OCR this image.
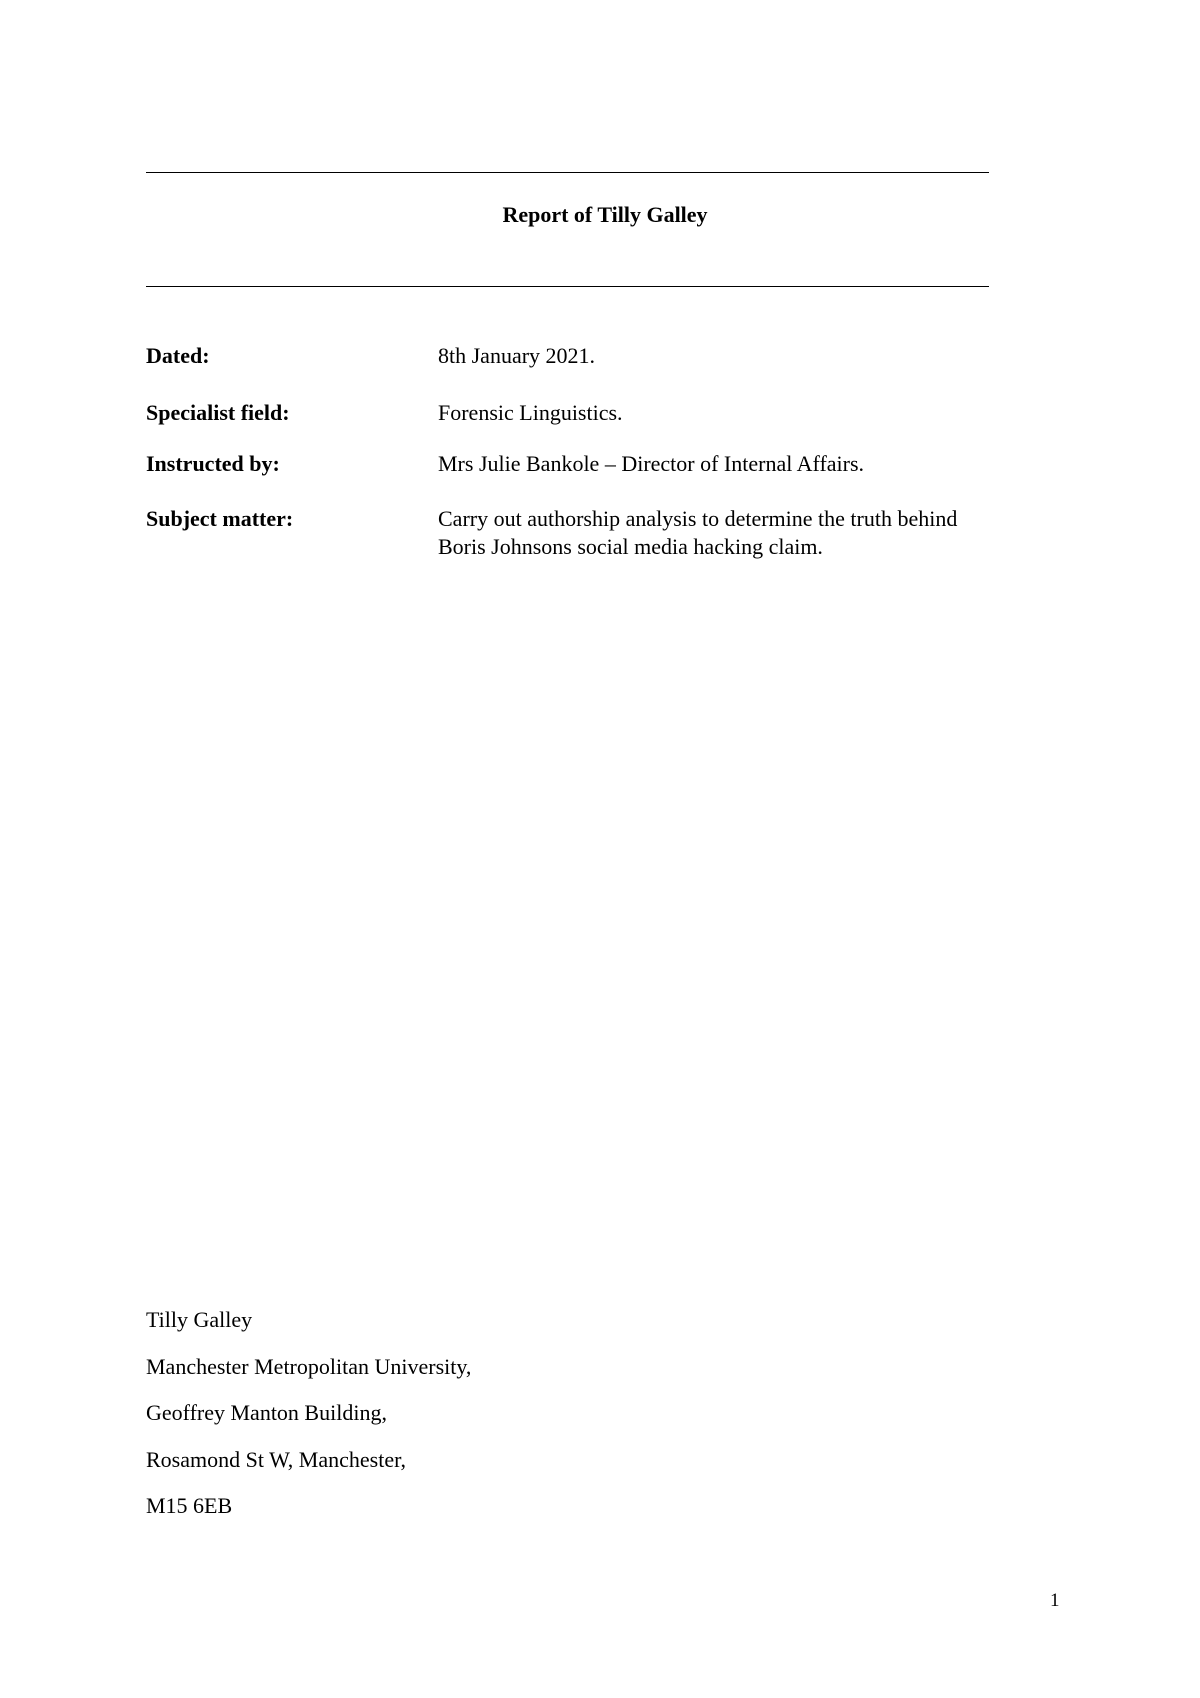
Report of Tilly Galley
Dated:	8th January 2021.
Specialist field:	Forensic Linguistics.
Instructed by:	Mrs Julie Bankole – Director of Internal Affairs.
Subject matter:	Carry out authorship analysis to determine the truth behind
Boris Johnsons social media hacking claim.
Tilly Galley
Manchester Metropolitan University,
Geoffrey Manton Building,
Rosamond St W, Manchester,
M15 6EB
1
